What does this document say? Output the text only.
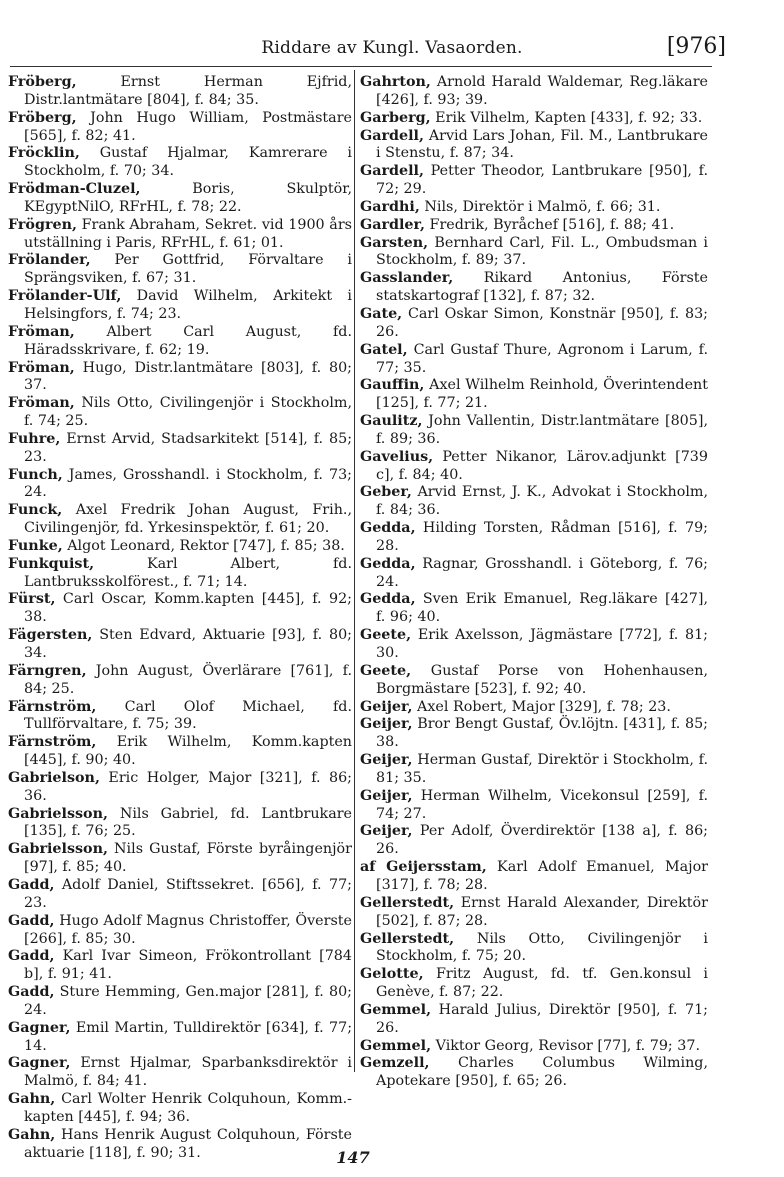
Riddare av Kungl. Vasaorden.	[976]
Fröberg,	Ernst Herman Ejfrid, Distr.lantmätare [804], f. 84; 35.
Fröberg, John Hugo William, Postmästare [565], f. 82; 41.
Fröcklin, Gustaf Hjalmar, Kamrerare i Stockholm, f. 70; 34.
Frödman-Cluzel,	Boris, Skulptör, KEgyptNilO, RFrHL, f. 78; 22.
Frögren, Frank Abraham, Sekret. vid 1900 års utställning i Paris, RFrHL, f. 61; 01.
Frölander, Per Gottfrid, Förvaltare i Sprängsviken, f. 67; 31.
Frölander-Ulf, David Wilhelm, Arkitekt i Helsingfors, f. 74; 23.
Fröman, Albert Carl August, fd. Häradsskrivare, f. 62; 19.
Fröman, Hugo, Distr.lantmätare [803], f. 80; 37.
Fröman, Nils Otto, Civilingenjör i Stockholm, f. 74; 25.
Fuhre, Ernst Arvid, Stadsarkitekt [514], f. 85; 23.
Funch, James, Grosshandl. i Stockholm, f. 73; 24.
Funck, Axel Fredrik Johan August, Frih., Civilingenjör, fd. Yrkesinspektör, f. 61; 20.
Funke, Algot Leonard, Rektor [747], f. 85; 38.
Funkquist,	Karl Albert, fd. Lantbruksskolförest., f. 71; 14.
Fürst, Carl Oscar, Komm.kapten [445], f. 92; 38.
Fägersten, Sten Edvard, Aktuarie [93], f. 80; 34.
Färngren, John August, Överlärare [761], f. 84; 25.
Färnström, Carl Olof Michael, fd. Tullförvaltare, f. 75; 39.
Färnström, Erik Wilhelm, Komm.kapten [445], f. 90; 40.
Gabrielson, Eric Holger, Major [321], f. 86; 36.
Gabrielsson, Nils Gabriel, fd. Lantbrukare [135], f. 76; 25.
Gabrielsson, Nils Gustaf, Förste byråingenjör [97], f. 85; 40.
Gadd, Adolf Daniel, Stiftssekret. [656], f. 77; 23.
Gadd, Hugo Adolf Magnus Christoffer, Överste [266], f. 85; 30.
Gadd, Karl Ivar Simeon, Frökontrollant [784 b], f. 91; 41.
Gadd, Sture Hemming, Gen.major [281], f. 80; 24.
Gagner, Emil Martin, Tulldirektör [634], f. 77; 14.
Gagner, Ernst Hjalmar, Sparbanksdirektör i Malmö, f. 84; 41.
Gahn, Carl Wolter Henrik Colquhoun, Komm.-kapten [445], f. 94; 36.
Gahn, Hans Henrik August Colquhoun, Förste aktuarie [118], f. 90; 31.
Gahrton, Arnold Harald Waldemar, Reg.läkare [426], f. 93; 39.
Garberg, Erik Vilhelm, Kapten [433], f. 92; 33.
Gardell, Arvid Lars Johan, Fil. M., Lantbrukare i Stenstu, f. 87; 34.
Gardell, Petter Theodor, Lantbrukare [950], f. 72; 29.
Gardhi, Nils, Direktör i Malmö, f. 66; 31.
Gardler, Fredrik, Byråchef [516], f. 88; 41.
Garsten, Bernhard Carl, Fil. L., Ombudsman i Stockholm, f. 89; 37.
Gasslander, Rikard Antonius, Förste statskartograf [132], f. 87; 32.
Gate, Carl Oskar Simon, Konstnär [950], f. 83; 26.
Gatel, Carl Gustaf Thure, Agronom i Larum, f. 77; 35.
Gauffin, Axel Wilhelm Reinhold, Överintendent [125], f. 77; 21.
Gaulitz, John Vallentin, Distr.lantmätare [805], f. 89; 36.
Gavelius, Petter Nikanor, Lärov.adjunkt [739 c], f. 84; 40.
Geber, Arvid Ernst, J. K., Advokat i Stockholm, f. 84; 36.
Gedda, Hilding Torsten, Rådman [516], f. 79; 28.
Gedda, Ragnar, Grosshandl. i Göteborg, f. 76; 24.
Gedda, Sven Erik Emanuel, Reg.läkare [427], f. 96; 40.
Geete, Erik Axelsson, Jägmästare [772], f. 81; 30.
Geete, Gustaf Porse von Hohenhausen, Borgmästare [523], f. 92; 40.
Geijer, Axel Robert, Major [329], f. 78; 23.
Geijer, Bror Bengt Gustaf, Öv.löjtn. [431], f. 85; 38.
Geijer, Herman Gustaf, Direktör i Stockholm, f. 81; 35.
Geijer, Herman Wilhelm, Vicekonsul [259], f. 74; 27.
Geijer, Per Adolf, Överdirektör [138 a], f. 86; 26.
af Geijersstam, Karl Adolf Emanuel, Major [317], f. 78; 28.
Gellerstedt, Ernst Harald Alexander, Direktör [502], f. 87; 28.
Gellerstedt, Nils Otto, Civilingenjör i Stockholm, f. 75; 20.
Gelotte, Fritz August, fd. tf. Gen.konsul i Genève, f. 87; 22.
Gemmel, Harald Julius, Direktör [950], f. 71; 26.
Gemmel, Viktor Georg, Revisor [77], f. 79; 37.
Gemzell, Charles Columbus Wilming, Apotekare [950], f. 65; 26.
147
